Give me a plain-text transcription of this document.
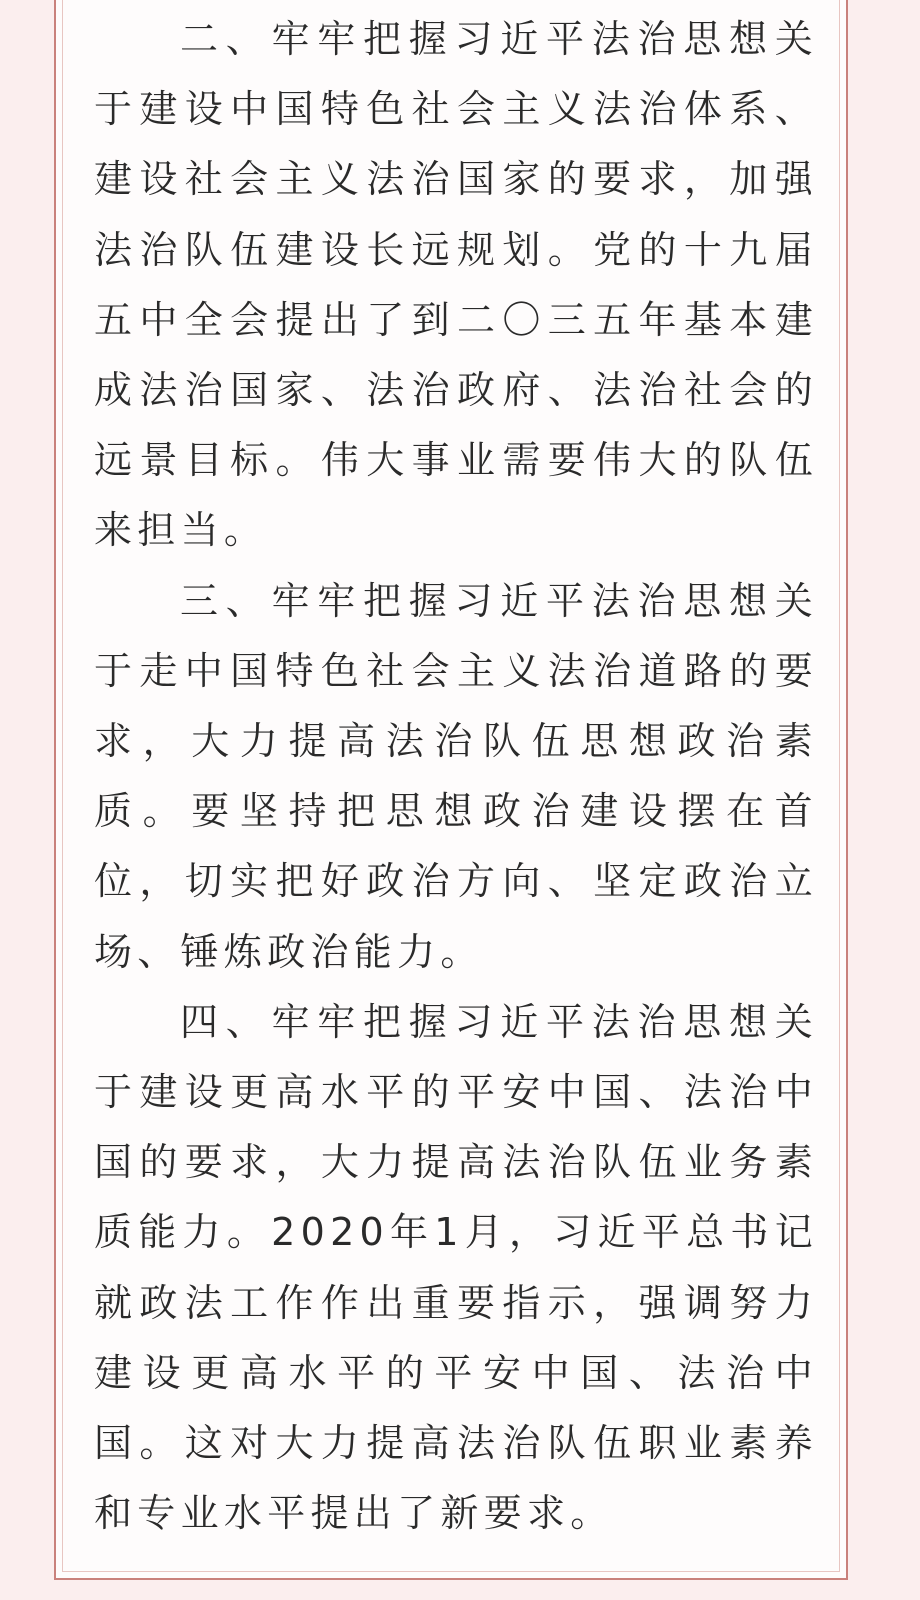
二、牢牢把握习近平法治思想关于建设中国特色社会主义法治体系、建设社会主义法治国家的要求，加强法治队伍建设长远规划。党的十九届五中全会提出了到二〇三五年基本建成法治国家、法治政府、法治社会的远景目标。伟大事业需要伟大的队伍来担当。

三、牢牢把握习近平法治思想关于走中国特色社会主义法治道路的要求，大力提高法治队伍思想政治素质。要坚持把思想政治建设摆在首位，切实把好政治方向、坚定政治立场、锤炼政治能力。

四、牢牢把握习近平法治思想关于建设更高水平的平安中国、法治中国的要求，大力提高法治队伍业务素质能力。2020年1月，习近平总书记就政法工作作出重要指示，强调努力建设更高水平的平安中国、法治中国。这对大力提高法治队伍职业素养和专业水平提出了新要求。
